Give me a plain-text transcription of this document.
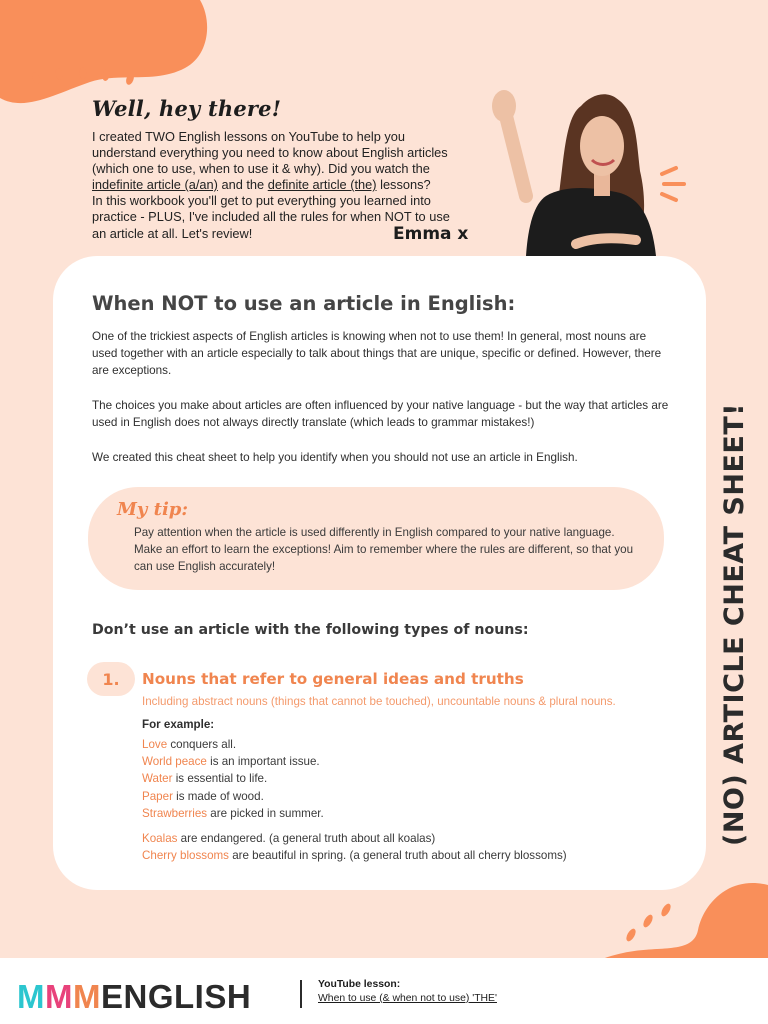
Well, hey there!
I created TWO English lessons on YouTube to help you
understand everything you need to know about English articles
(which one to use, when to use it & why). Did you watch the
indefinite article (a/an) and the definite article (the) lessons?
In this workbook you'll get to put everything you learned into
practice - PLUS, I've included all the rules for when NOT to use
an article at all. Let's review!	Emma x
When NOT to use an article in English:

One of the trickiest aspects of English articles is knowing when not to use them! In general, most nouns are used together with an article especially to talk about things that are unique, specific or defined. However, there are exceptions.

The choices you make about articles are often influenced by your native language - but the way that articles are used in English does not always directly translate (which leads to grammar mistakes!)

We created this cheat sheet to help you identify when you should not use an article in English.

My tip:

Pay attention when the article is used differently in English compared to your native language. Make an effort to learn the exceptions! Aim to remember where the rules are different, so that you can use English accurately!

Don’t use an article with the following types of nouns:
1.	Nouns that refer to general ideas and truths
Including abstract nouns (things that cannot be touched), uncountable nouns & plural nouns.
For example:
Love conquers all.
World peace is an important issue.
Water is essential to life.
Paper is made of wood.
Strawberries are picked in summer.
Koalas are endangered. (a general truth about all koalas)
Cherry blossoms are beautiful in spring. (a general truth about all cherry blossoms)
(NO) ARTICLE CHEAT SHEET!
MMMENGLISH	YouTube lesson:
When to use (& when not to use) 'THE'
